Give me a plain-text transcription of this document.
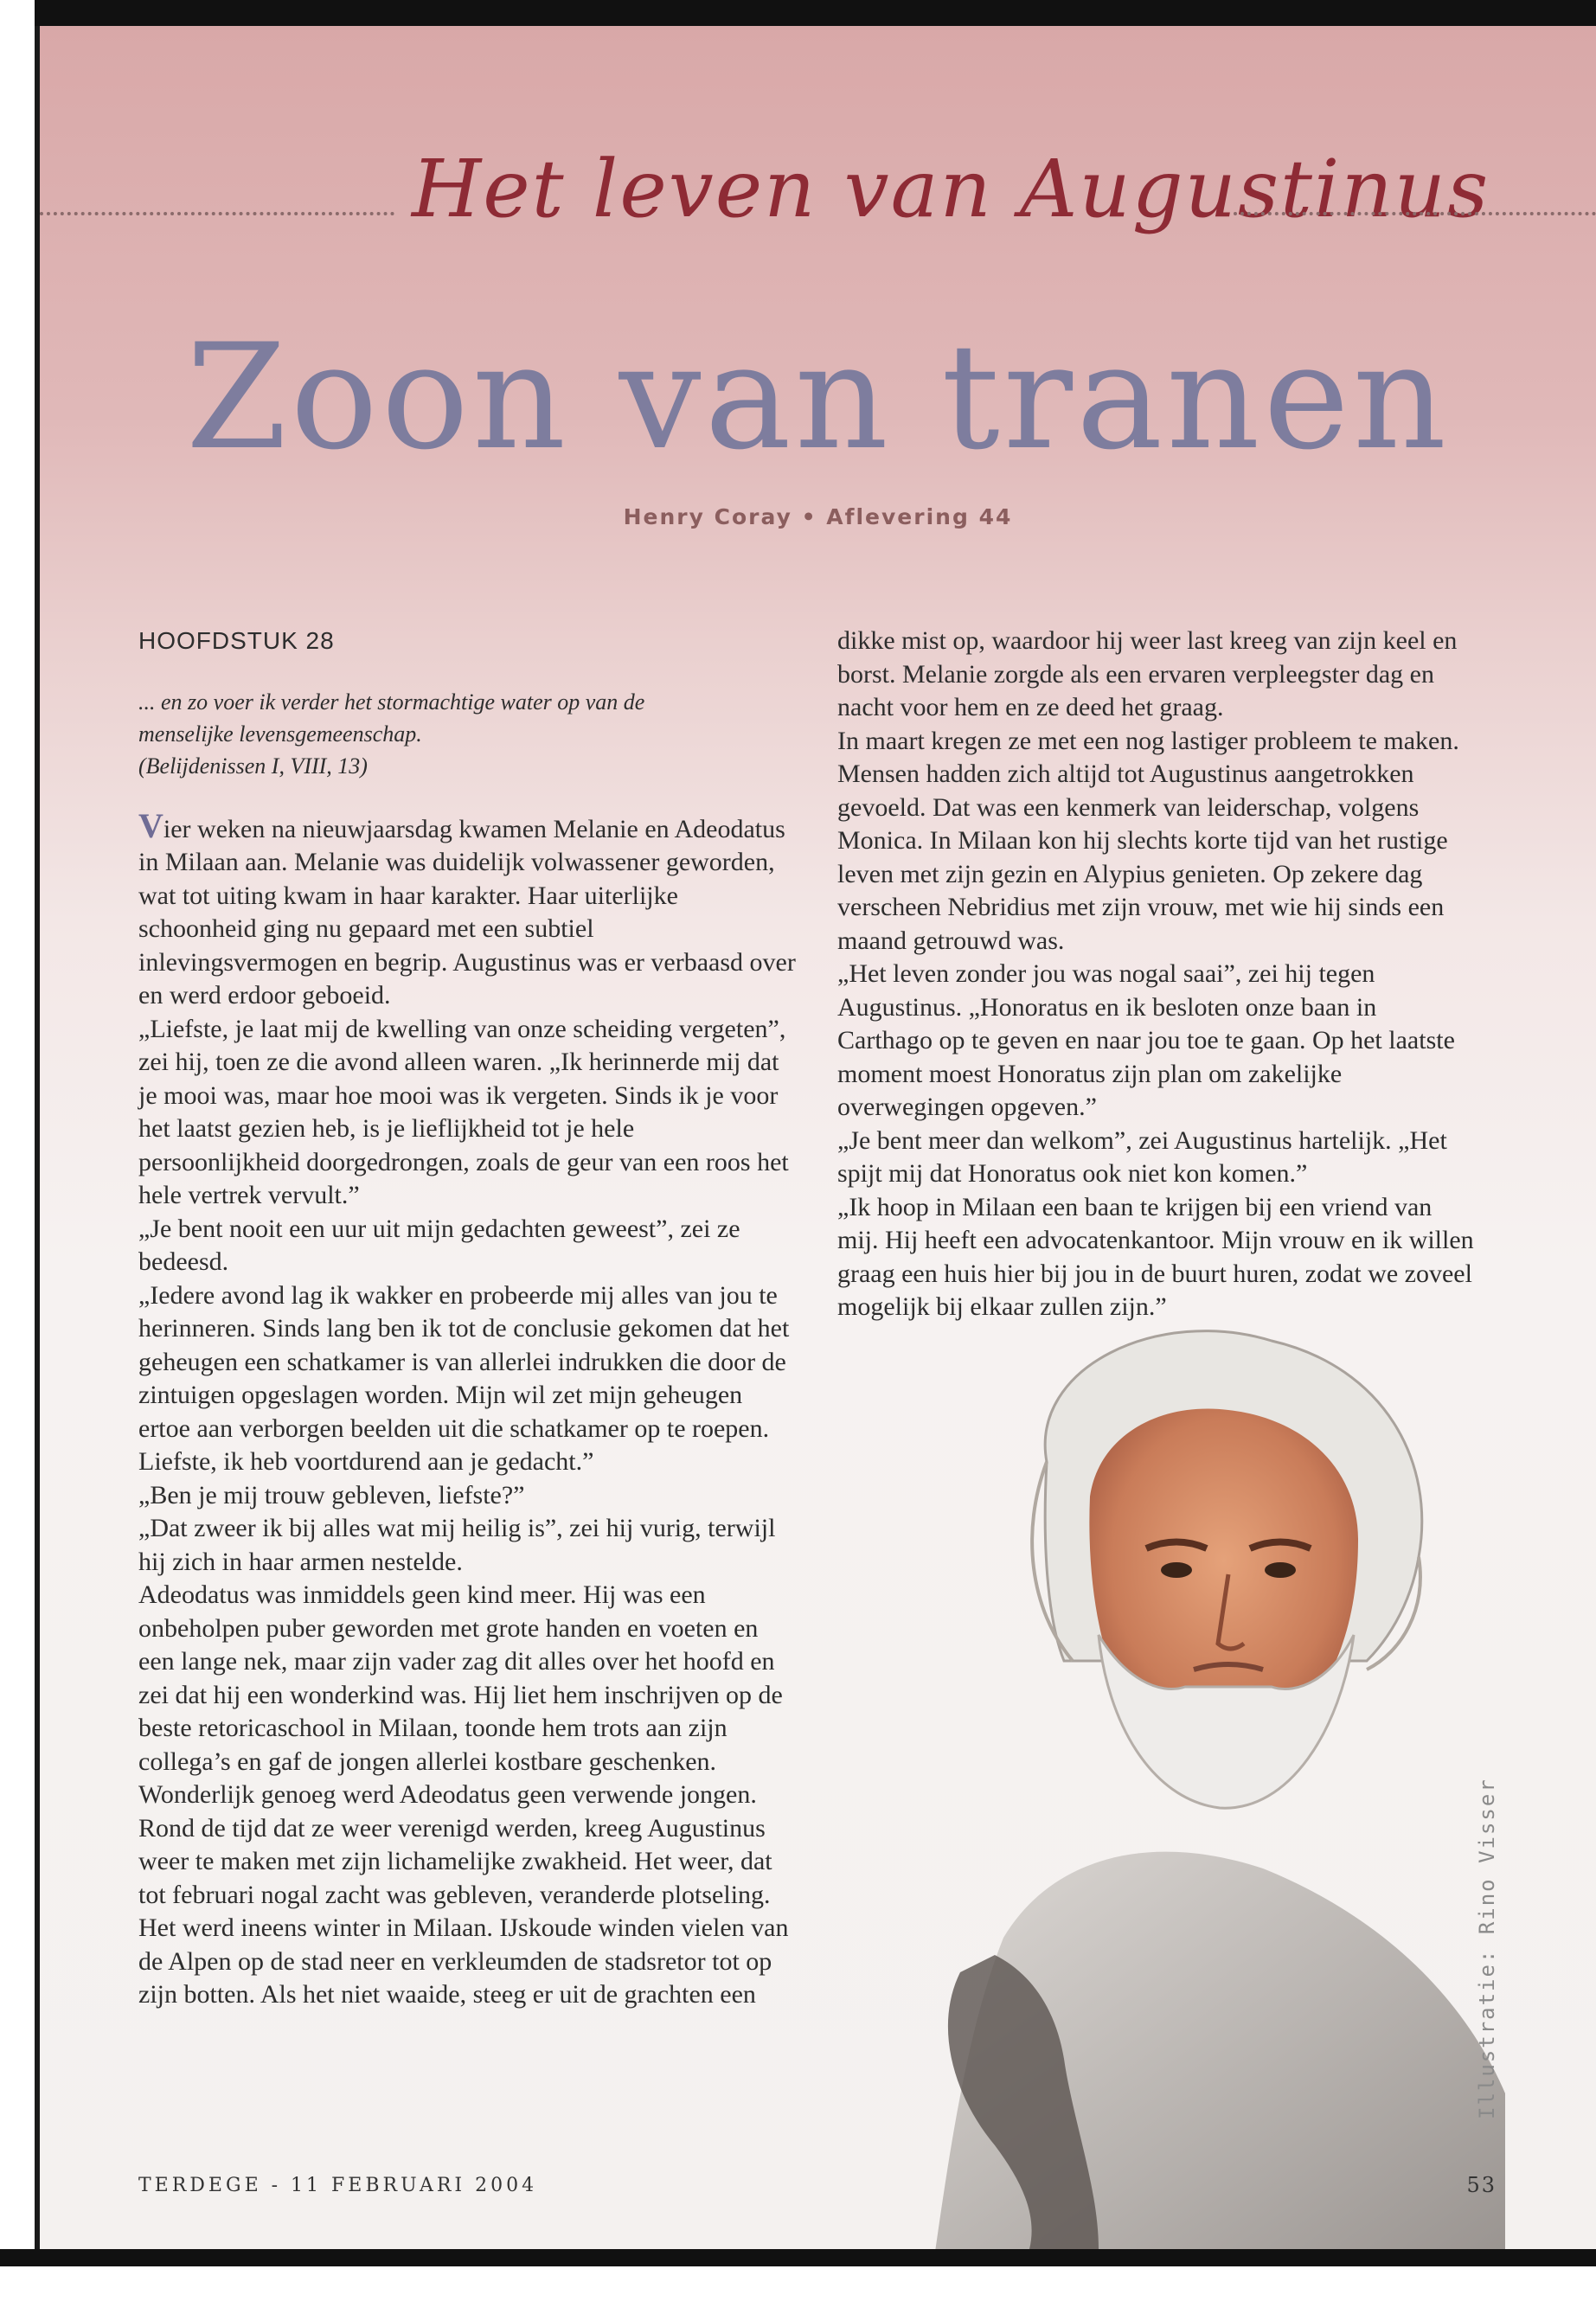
Het leven van Augustinus
Zoon van tranen
Henry Coray • Aflevering 44
HOOFDSTUK 28
... en zo voer ik verder het stormachtige water op van de
menselijke levensgemeenschap.
(Belijdenissen I, VIII, 13)

Vier weken na nieuwjaarsdag kwamen Melanie en Adeodatus in Milaan aan. Melanie was duidelijk volwassener geworden, wat tot uiting kwam in haar karakter. Haar uiterlijke schoonheid ging nu gepaard met een subtiel inlevingsvermogen en begrip. Augustinus was er verbaasd over en werd erdoor geboeid.

„Liefste, je laat mij de kwelling van onze scheiding vergeten”, zei hij, toen ze die avond alleen waren. „Ik herinnerde mij dat je mooi was, maar hoe mooi was ik vergeten. Sinds ik je voor het laatst gezien heb, is je lieflijkheid tot je hele persoonlijkheid doorgedrongen, zoals de geur van een roos het hele vertrek vervult.”

„Je bent nooit een uur uit mijn gedachten geweest”, zei ze bedeesd.

„Iedere avond lag ik wakker en probeerde mij alles van jou te herinneren. Sinds lang ben ik tot de conclusie gekomen dat het geheugen een schatkamer is van allerlei indrukken die door de zintuigen opgeslagen worden. Mijn wil zet mijn geheugen ertoe aan verborgen beelden uit die schatkamer op te roepen. Liefste, ik heb voortdurend aan je gedacht.”

„Ben je mij trouw gebleven, liefste?”

„Dat zweer ik bij alles wat mij heilig is”, zei hij vurig, terwijl hij zich in haar armen nestelde.

Adeodatus was inmiddels geen kind meer. Hij was een onbeholpen puber geworden met grote handen en voeten en een lange nek, maar zijn vader zag dit alles over het hoofd en zei dat hij een wonderkind was. Hij liet hem inschrijven op de beste retoricaschool in Milaan, toonde hem trots aan zijn collega’s en gaf de jongen allerlei kostbare geschenken. Wonderlijk genoeg werd Adeodatus geen verwende jongen.

Rond de tijd dat ze weer verenigd werden, kreeg Augustinus weer te maken met zijn lichamelijke zwakheid. Het weer, dat tot februari nogal zacht was gebleven, veranderde plotseling. Het werd ineens winter in Milaan. IJskoude winden vielen van de Alpen op de stad neer en verkleumden de stadsretor tot op zijn botten. Als het niet waaide, steeg er uit de grachten een

dikke mist op, waardoor hij weer last kreeg van zijn keel en borst. Melanie zorgde als een ervaren verpleegster dag en nacht voor hem en ze deed het graag.

In maart kregen ze met een nog lastiger probleem te maken. Mensen hadden zich altijd tot Augustinus aangetrokken gevoeld. Dat was een kenmerk van leiderschap, volgens Monica. In Milaan kon hij slechts korte tijd van het rustige leven met zijn gezin en Alypius genieten. Op zekere dag verscheen Nebridius met zijn vrouw, met wie hij sinds een maand getrouwd was.

„Het leven zonder jou was nogal saai”, zei hij tegen Augustinus. „Honoratus en ik besloten onze baan in Carthago op te geven en naar jou toe te gaan. Op het laatste moment moest Honoratus zijn plan om zakelijke overwegingen opgeven.”

„Je bent meer dan welkom”, zei Augustinus hartelijk. „Het spijt mij dat Honoratus ook niet kon komen.”

„Ik hoop in Milaan een baan te krijgen bij een vriend van mij. Hij heeft een advocatenkantoor. Mijn vrouw en ik willen graag een huis hier bij jou in de buurt huren, zodat we zoveel mogelijk bij elkaar zullen zijn.”

Illustratie: Rino Visser
TERDEGE - 11 FEBRUARI 2004	53
